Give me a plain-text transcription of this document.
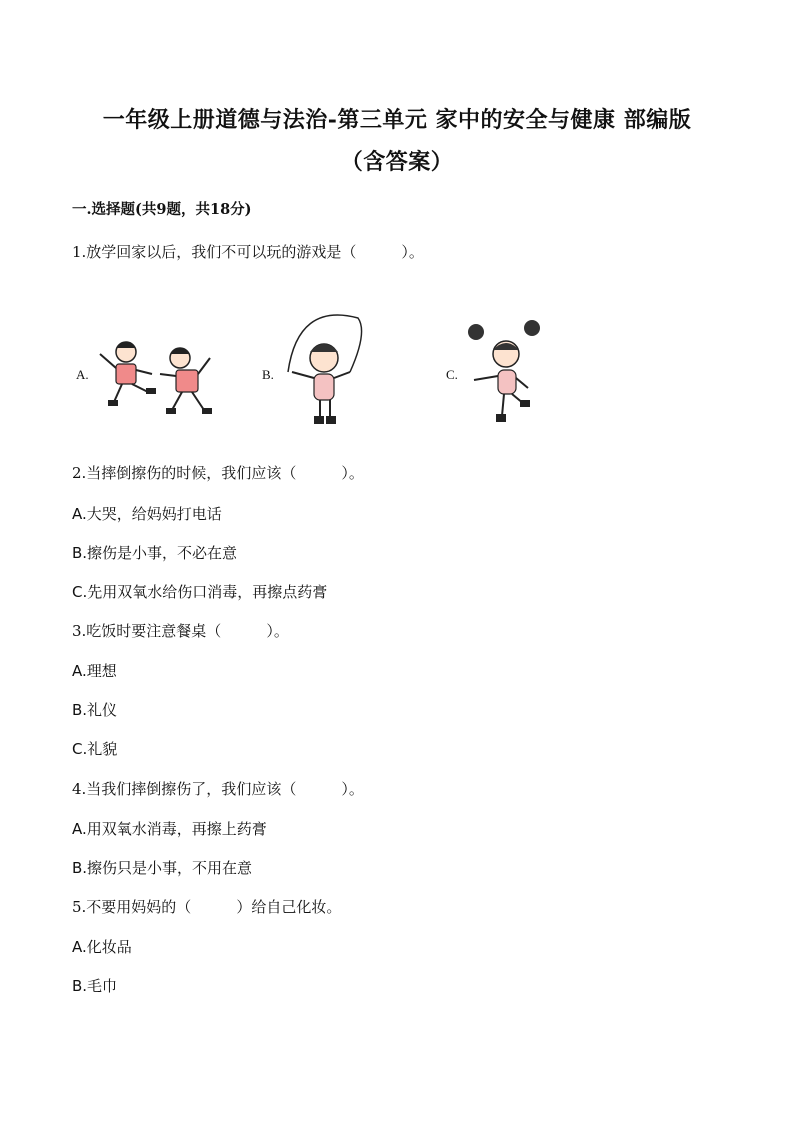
一年级上册道德与法治-第三单元 家中的安全与健康 部编版
（含答案）
一.选择题(共9题，共18分)
1.放学回家以后，我们不可以玩的游戏是（　　　）。
A.	B.	C.
2.当摔倒擦伤的时候，我们应该（　　　）。
A.大哭，给妈妈打电话
B.擦伤是小事，不必在意
C.先用双氧水给伤口消毒，再擦点药膏
3.吃饭时要注意餐桌（　　　）。
A.理想
B.礼仪
C.礼貌
4.当我们摔倒擦伤了，我们应该（　　　）。
A.用双氧水消毒，再擦上药膏
B.擦伤只是小事，不用在意
5.不要用妈妈的（　　　）给自己化妆。
A.化妆品
B.毛巾
